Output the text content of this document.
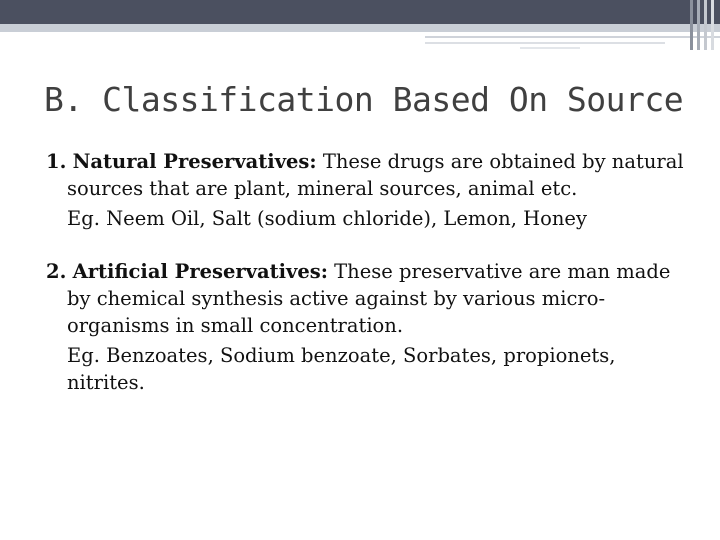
B. Classification Based On Source

1. Natural Preservatives: These drugs are obtained by natural sources that are plant, mineral sources, animal etc.

Eg. Neem Oil, Salt (sodium chloride), Lemon, Honey

2. Artificial Preservatives: These preservative are man made by chemical synthesis active against by various micro-organisms in small concentration.

Eg. Benzoates, Sodium benzoate, Sorbates, propionets, nitrites.
